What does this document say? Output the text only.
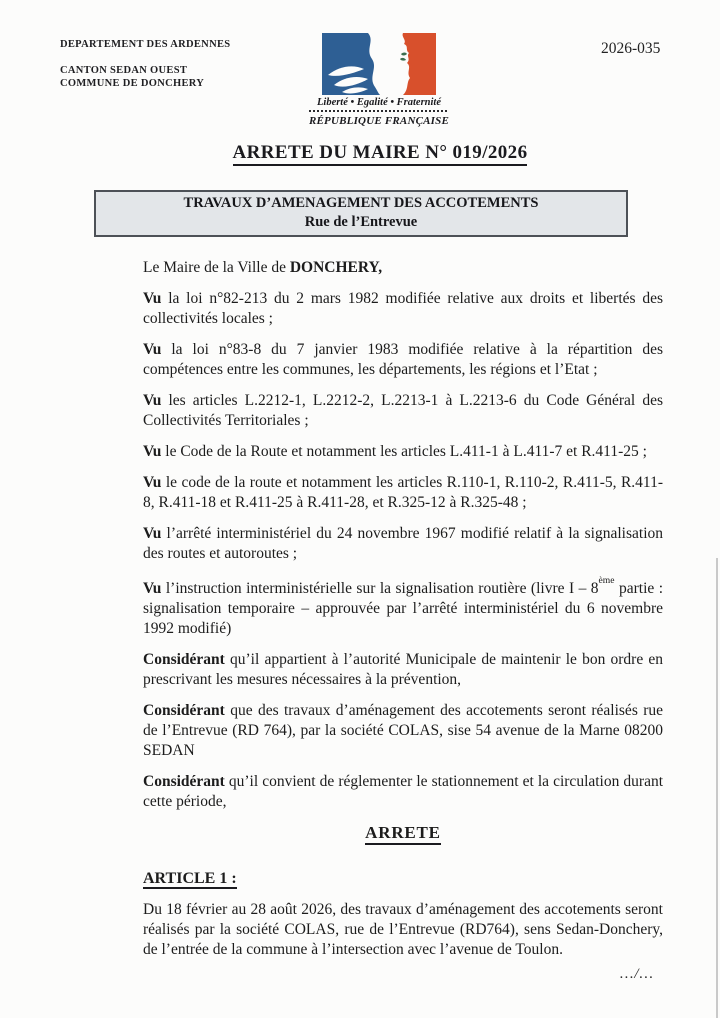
DEPARTEMENT DES ARDENNES
CANTON SEDAN OUEST
COMMUNE DE DONCHERY
Liberté • Egalité • Fraternité
RÉPUBLIQUE FRANÇAISE
2026-035
ARRETE DU MAIRE N° 019/2026
TRAVAUX D’AMENAGEMENT DES ACCOTEMENTS
Rue de l’Entrevue

Le Maire de la Ville de DONCHERY,

Vu la loi n°82-213 du 2 mars 1982 modifiée relative aux droits et libertés des collectivités locales ;

Vu la loi n°83-8 du 7 janvier 1983 modifiée relative à la répartition des compétences entre les communes, les départements, les régions et l’Etat ;

Vu les articles L.2212-1, L.2212-2, L.2213-1 à L.2213-6 du Code Général des Collectivités Territoriales ;

Vu le Code de la Route et notamment les articles L.411-1 à L.411-7 et R.411-25 ;

Vu le code de la route et notamment les articles R.110-1, R.110-2, R.411-5, R.411-8, R.411-18 et R.411-25 à R.411-28, et R.325-12 à R.325-48 ;

Vu l’arrêté interministériel du 24 novembre 1967 modifié relatif à la signalisation des routes et autoroutes ;

Vu l’instruction interministérielle sur la signalisation routière (livre I – 8ème partie : signalisation temporaire – approuvée par l’arrêté interministériel du 6 novembre 1992 modifié)

Considérant qu’il appartient à l’autorité Municipale de maintenir le bon ordre en prescrivant les mesures nécessaires à la prévention,

Considérant que des travaux d’aménagement des accotements seront réalisés rue de l’Entrevue (RD 764), par la société COLAS, sise 54 avenue de la Marne 08200 SEDAN

Considérant qu’il convient de réglementer le stationnement et la circulation durant cette période,

ARRETE

ARTICLE 1 :

Du 18 février au 28 août 2026, des travaux d’aménagement des accotements seront réalisés par la société COLAS, rue de l’Entrevue (RD764), sens Sedan-Donchery, de l’entrée de la commune à l’intersection avec l’avenue de Toulon.

…/…
